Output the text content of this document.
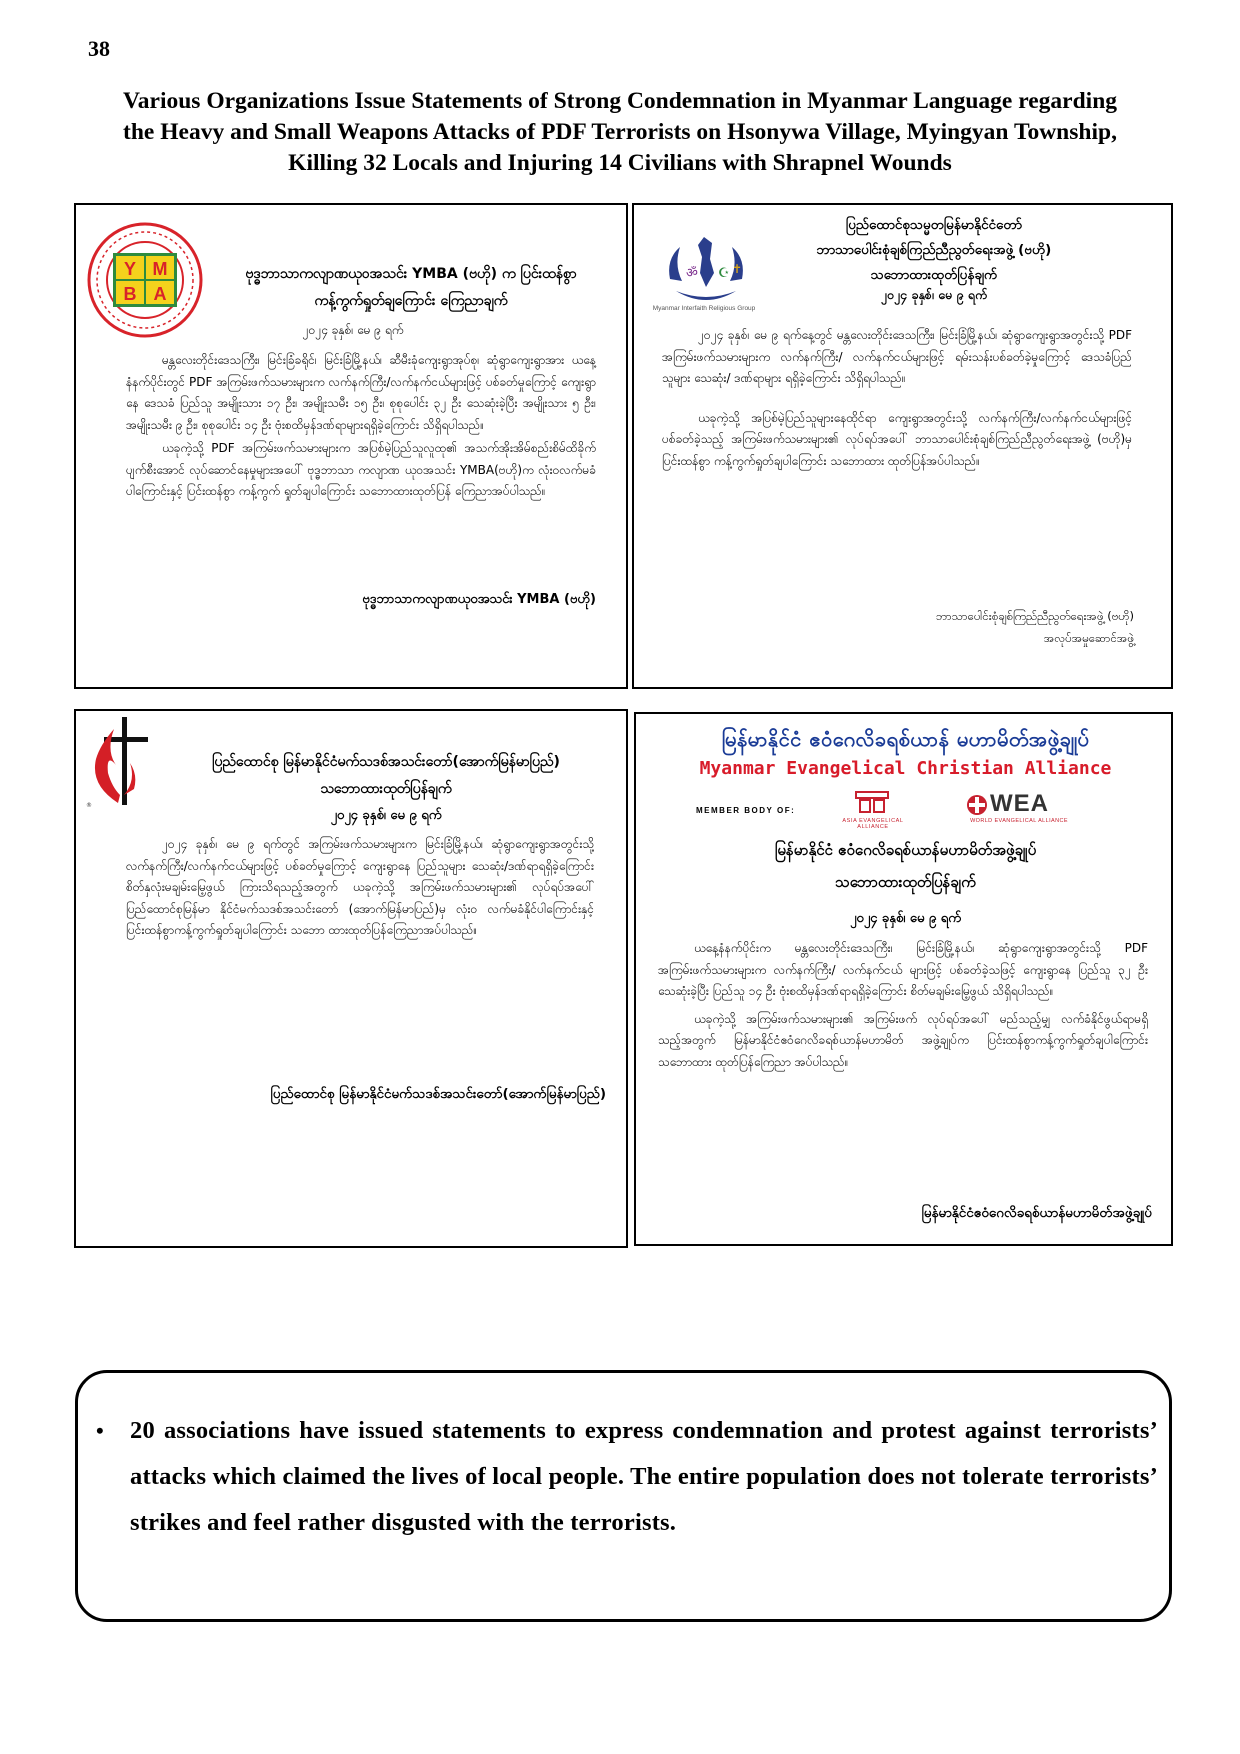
38
Various Organizations Issue Statements of Strong Condemnation in Myanmar Language regarding
the Heavy and Small Weapons Attacks of PDF Terrorists on Hsonywa Village, Myingyan Township,
Killing 32 Locals and Injuring 14 Civilians with Shrapnel Wounds
Y M
B A
ဗုဒ္ဓဘာသာကလျာဏယုဝအသင်း YMBA (ဗဟို) က ပြင်းထန်စွာ
ကန့်ကွက်ရှုတ်ချကြောင်း ကြေညာချက်
၂၀၂၄ ခုနှစ်၊ မေ ၉ ရက်

မန္တလေးတိုင်းဒေသကြီး၊ မြင်းခြံခရိုင်၊ မြင်းခြံမြို့နယ်၊ ဆီမီးခုံကျေးရွာအုပ်စု၊ ဆုံရွာကျေးရွာအား ယနေ့နံနက်ပိုင်းတွင် PDF အကြမ်းဖက်သမားများက လက်နက်ကြီး/လက်နက်ငယ်များဖြင့် ပစ်ခတ်မှုကြောင့် ကျေးရွာနေ ဒေသခံ ပြည်သူ အမျိုးသား ၁၇ ဦး၊ အမျိုးသမီး ၁၅ ဦး၊ စုစုပေါင်း ၃၂ ဦး သေဆုံးခဲ့ပြီး အမျိုးသား ၅ ဦး၊ အမျိုးသမီး ၉ ဦး၊ စုစုပေါင်း ၁၄ ဦး ဗုံးစထိမှန်ဒဏ်ရာများရရှိခဲ့ကြောင်း သိရှိရပါသည်။

ယခုကဲ့သို့ PDF အကြမ်းဖက်သမားများက အပြစ်မဲ့ပြည်သူလူထု၏ အသက်အိုးအိမ်စည်းစိမ်ထိခိုက်ပျက်စီးအောင် လုပ်ဆောင်နေမှုများအပေါ် ဗုဒ္ဓဘာသာ ကလျာဏ ယုဝအသင်း YMBA(ဗဟို)က လုံးဝလက်မခံပါကြောင်းနှင့် ပြင်းထန်စွာ ကန့်ကွက် ရှုတ်ချပါကြောင်း သဘောထားထုတ်ပြန် ကြေညာအပ်ပါသည်။

ဗုဒ္ဓဘာသာကလျာဏယုဝအသင်း YMBA (ဗဟို)
ॐ ☪ ✝
Myanmar Interfaith Religious Group
ပြည်ထောင်စုသမ္မတမြန်မာနိုင်ငံတော်
ဘာသာပေါင်းစုံချစ်ကြည်ညီညွတ်ရေးအဖွဲ့ (ဗဟို)
သဘောထားထုတ်ပြန်ချက်
၂၀၂၄ ခုနှစ်၊ မေ ၉ ရက်

၂၀၂၄ ခုနှစ်၊ မေ ၉ ရက်နေ့တွင် မန္တလေးတိုင်းဒေသကြီး၊ မြင်းခြံမြို့နယ်၊ ဆုံရွာကျေးရွာအတွင်းသို့ PDF အကြမ်းဖက်သမားများက လက်နက်ကြီး/ လက်နက်ငယ်များဖြင့် ရမ်းသန်းပစ်ခတ်ခဲ့မှုကြောင့် ဒေသခံပြည်သူများ သေဆုံး/ ဒဏ်ရာများ ရရှိခဲ့ကြောင်း သိရှိရပါသည်။

ယခုကဲ့သို့ အပြစ်မဲ့ပြည်သူများနေထိုင်ရာ ကျေးရွာအတွင်းသို့ လက်နက်ကြီး/လက်နက်ငယ်များဖြင့် ပစ်ခတ်ခဲ့သည့် အကြမ်းဖက်သမားများ၏ လုပ်ရပ်အပေါ် ဘာသာပေါင်းစုံချစ်ကြည်ညီညွတ်ရေးအဖွဲ့ (ဗဟို)မှ ပြင်းထန်စွာ ကန့်ကွက်ရှုတ်ချပါကြောင်း သဘောထား ထုတ်ပြန်အပ်ပါသည်။

ဘာသာပေါင်းစုံချစ်ကြည်ညီညွတ်ရေးအဖွဲ့ (ဗဟို)
အလုပ်အမှုဆောင်အဖွဲ့
®
ပြည်ထောင်စု မြန်မာနိုင်ငံမက်သဒစ်အသင်းတော်(အောက်မြန်မာပြည်)
သဘောထားထုတ်ပြန်ချက်
၂၀၂၄ ခုနှစ်၊ မေ ၉ ရက်

၂၀၂၄ ခုနှစ်၊ မေ ၉ ရက်တွင် အကြမ်းဖက်သမားများက မြင်းခြံမြို့နယ်၊ ဆုံရွာကျေးရွာအတွင်းသို့ လက်နက်ကြီး/လက်နက်ငယ်များဖြင့် ပစ်ခတ်မှုကြောင့် ကျေးရွာနေ ပြည်သူများ သေဆုံး/ဒဏ်ရာရရှိခဲ့ကြောင်း စိတ်နှလုံးမချမ်းမြေ့ဖွယ် ကြားသိရသည့်အတွက် ယခုကဲ့သို့ အကြမ်းဖက်သမားများ၏ လုပ်ရပ်အပေါ် ပြည်ထောင်စုမြန်မာ နိုင်ငံမက်သဒစ်အသင်းတော် (အောက်မြန်မာပြည်)မှ လုံးဝ လက်မခံနိုင်ပါကြောင်းနှင့် ပြင်းထန်စွာကန့်ကွက်ရှုတ်ချပါကြောင်း သဘော ထားထုတ်ပြန်ကြေညာအပ်ပါသည်။

ပြည်ထောင်စု မြန်မာနိုင်ငံမက်သဒစ်အသင်းတော်(အောက်မြန်မာပြည်)
မြန်မာနိုင်ငံ ဧဝံဂေလိခရစ်ယာန် မဟာမိတ်အဖွဲ့ချုပ်
Myanmar Evangelical Christian Alliance
MEMBER BODY OF:
ASIA EVANGELICAL ALLIANCE
WEA
WORLD EVANGELICAL ALLIANCE
မြန်မာနိုင်ငံ ဧဝံဂေလိခရစ်ယာန်မဟာမိတ်အဖွဲ့ချုပ်
သဘောထားထုတ်ပြန်ချက်
၂၀၂၄ ခုနှစ်၊ မေ ၉ ရက်

ယနေ့နံနက်ပိုင်းက မန္တလေးတိုင်းဒေသကြီး၊ မြင်းခြံမြို့နယ်၊ ဆုံရွာကျေးရွာအတွင်းသို့ PDF အကြမ်းဖက်သမားများက လက်နက်ကြီး/ လက်နက်ငယ် များဖြင့် ပစ်ခတ်ခဲ့သဖြင့် ကျေးရွာနေ ပြည်သူ ၃၂ ဦးသေဆုံးခဲ့ပြီး ပြည်သူ ၁၄ ဦး ဗုံးစထိမှန်ဒဏ်ရာရရှိခဲ့ကြောင်း စိတ်မချမ်းမြေ့ဖွယ် သိရှိရပါသည်။

ယခုကဲ့သို့ အကြမ်းဖက်သမားများ၏ အကြမ်းဖက် လုပ်ရပ်အပေါ် မည်သည့်မျှ လက်ခံနိုင်ဖွယ်ရာမရှိသည့်အတွက် မြန်မာနိုင်ငံဧဝံဂေလိခရစ်ယာန်မဟာမိတ် အဖွဲ့ချုပ်က ပြင်းထန်စွာကန့်ကွက်ရှုတ်ချပါကြောင်း သဘောထား ထုတ်ပြန်ကြေညာ အပ်ပါသည်။

မြန်မာနိုင်ငံဧဝံဂေလိခရစ်ယာန်မဟာမိတ်အဖွဲ့ချုပ်
• 20 associations have issued statements to express condemnation and protest against terrorists’ attacks which claimed the lives of local people. The entire population does not tolerate terrorists’ strikes and feel rather disgusted with the terrorists.
